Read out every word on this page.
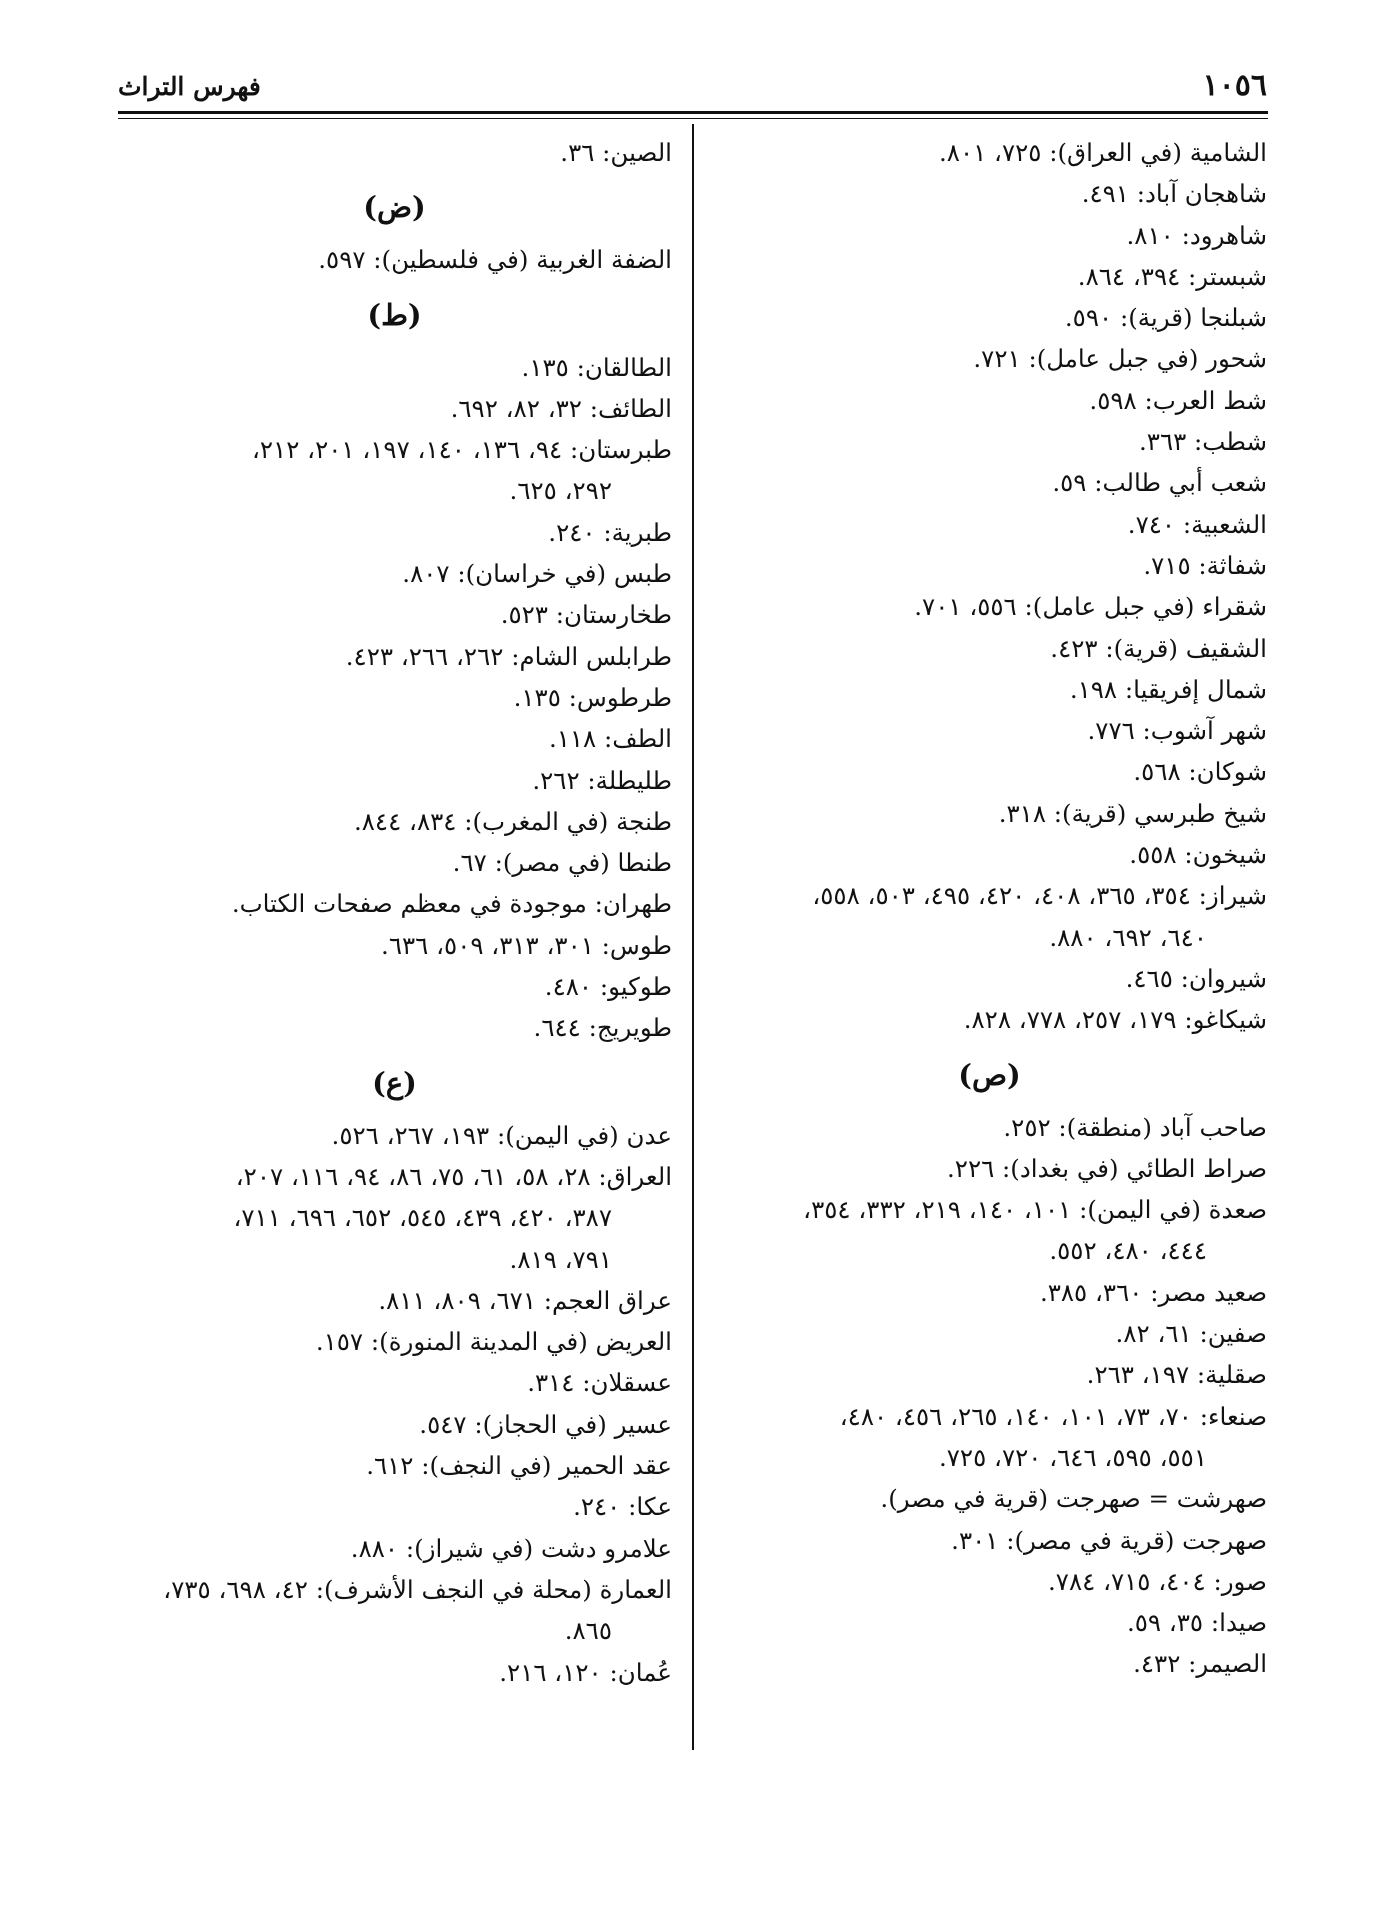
١٠٥٦
فهرس التراث
الشامية (في العراق): ٧٢٥، ٨٠١.
شاهجان آباد: ٤٩١.
شاهرود: ٨١٠.
شبستر: ٣٩٤، ٨٦٤.
شبلنجا (قرية): ٥٩٠.
شحور (في جبل عامل): ٧٢١.
شط العرب: ٥٩٨.
شطب: ٣٦٣.
شعب أبي طالب: ٥٩.
الشعبية: ٧٤٠.
شفاثة: ٧١٥.
شقراء (في جبل عامل): ٥٥٦، ٧٠١.
الشقيف (قرية): ٤٢٣.
شمال إفريقيا: ١٩٨.
شهر آشوب: ٧٧٦.
شوكان: ٥٦٨.
شيخ طبرسي (قرية): ٣١٨.
شيخون: ٥٥٨.
شيراز: ٣٥٤، ٣٦٥، ٤٠٨، ٤٢٠، ٤٩٥، ٥٠٣، ٥٥٨،
٦٤٠، ٦٩٢، ٨٨٠.
شيروان: ٤٦٥.
شيكاغو: ١٧٩، ٢٥٧، ٧٧٨، ٨٢٨.
(ص)
صاحب آباد (منطقة): ٢٥٢.
صراط الطائي (في بغداد): ٢٢٦.
صعدة (في اليمن): ١٠١، ١٤٠، ٢١٩، ٣٣٢، ٣٥٤،
٤٤٤، ٤٨٠، ٥٥٢.
صعيد مصر: ٣٦٠، ٣٨٥.
صفين: ٦١، ٨٢.
صقلية: ١٩٧، ٢٦٣.
صنعاء: ٧٠، ٧٣، ١٠١، ١٤٠، ٢٦٥، ٤٥٦، ٤٨٠،
٥٥١، ٥٩٥، ٦٤٦، ٧٢٠، ٧٢٥.
صهرشت = صهرجت (قرية في مصر).
صهرجت (قرية في مصر): ٣٠١.
صور: ٤٠٤، ٧١٥، ٧٨٤.
صيدا: ٣٥، ٥٩.
الصيمر: ٤٣٢.
الصين: ٣٦.
(ض)
الضفة الغربية (في فلسطين): ٥٩٧.
(ط)
الطالقان: ١٣٥.
الطائف: ٣٢، ٨٢، ٦٩٢.
طبرستان: ٩٤، ١٣٦، ١٤٠، ١٩٧، ٢٠١، ٢١٢،
٢٩٢، ٦٢٥.
طبرية: ٢٤٠.
طبس (في خراسان): ٨٠٧.
طخارستان: ٥٢٣.
طرابلس الشام: ٢٦٢، ٢٦٦، ٤٢٣.
طرطوس: ١٣٥.
الطف: ١١٨.
طليطلة: ٢٦٢.
طنجة (في المغرب): ٨٣٤، ٨٤٤.
طنطا (في مصر): ٦٧.
طهران: موجودة في معظم صفحات الكتاب.
طوس: ٣٠١، ٣١٣، ٥٠٩، ٦٣٦.
طوكيو: ٤٨٠.
طويريج: ٦٤٤.
(ع)
عدن (في اليمن): ١٩٣، ٢٦٧، ٥٢٦.
العراق: ٢٨، ٥٨، ٦١، ٧٥، ٨٦، ٩٤، ١١٦، ٢٠٧،
٣٨٧، ٤٢٠، ٤٣٩، ٥٤٥، ٦٥٢، ٦٩٦، ٧١١،
٧٩١، ٨١٩.
عراق العجم: ٦٧١، ٨٠٩، ٨١١.
العريض (في المدينة المنورة): ١٥٧.
عسقلان: ٣١٤.
عسير (في الحجاز): ٥٤٧.
عقد الحمير (في النجف): ٦١٢.
عكا: ٢٤٠.
علامرو دشت (في شيراز): ٨٨٠.
العمارة (محلة في النجف الأشرف): ٤٢، ٦٩٨، ٧٣٥،
٨٦٥.
عُمان: ١٢٠، ٢١٦.
